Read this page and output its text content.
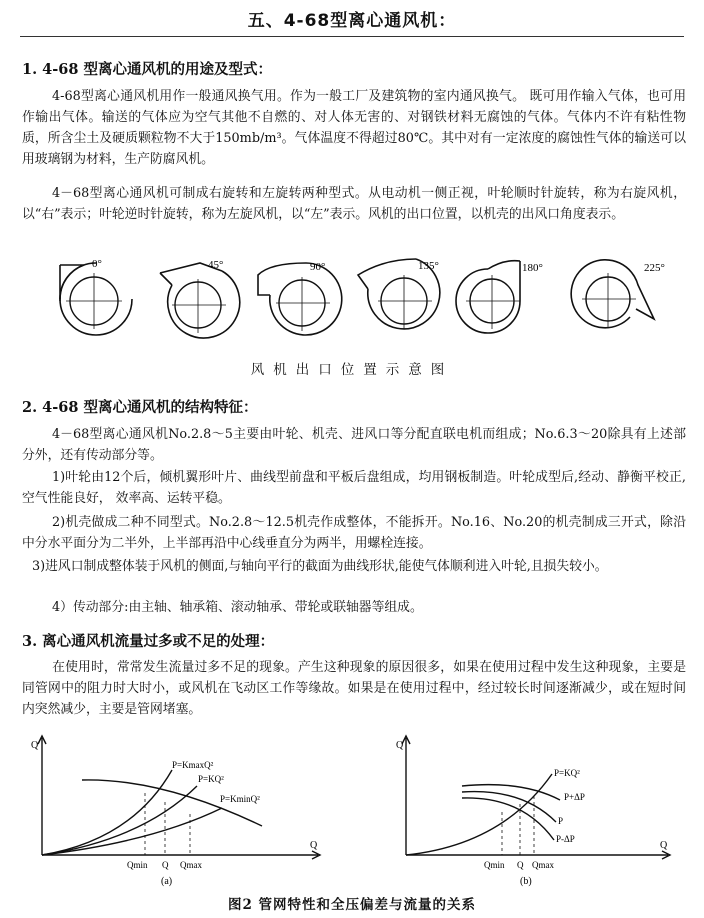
五、4-68型离心通风机：
1. 4-68 型离心通风机的用途及型式：

4-68型离心通风机用作一般通风换气用。作为一般工厂及建筑物的室内通风换气。 既可用作输入气体，也可用作输出气体。输送的气体应为空气其他不自燃的、对人体无害的、对钢铁材料无腐蚀的气体。气体内不许有粘性物质，所含尘土及硬质颗粒物不大于150mb/m³。气体温度不得超过80℃。其中对有一定浓度的腐蚀性气体的输送可以用玻璃钢为材料，生产防腐风机。

4－68型离心通风机可制成右旋转和左旋转两种型式。从电动机一侧正视，叶轮顺时针旋转，称为右旋风机，以“右”表示；叶轮逆时针旋转，称为左旋风机，以“左”表示。风机的出口位置，以机壳的出风口角度表示。

0°	45°	90°	135°	180°	225°
风机出口位置示意图
2. 4-68 型离心通风机的结构特征：

4－68型离心通风机No.2.8～5主要由叶轮、机壳、进风口等分配直联电机而组成；No.6.3～20除具有上述部分外，还有传动部分等。

1)叶轮由12个后，倾机翼形叶片、曲线型前盘和平板后盘组成，均用钢板制造。叶轮成型后,经动、静衡平校正,空气性能良好， 效率高、运转平稳。

2)机壳做成二种不同型式。No.2.8～12.5机壳作成整体，不能拆开。No.16、No.20的机壳制成三开式，除沿中分水平面分为二半外，上半部再沿中心线垂直分为两半，用螺栓连接。

3)进风口制成整体装于风机的侧面,与轴向平行的截面为曲线形状,能使气体顺利进入叶轮,且损失较小。

4）传动部分:由主轴、轴承箱、滚动轴承、带轮或联轴器等组成。

3. 离心通风机流量过多或不足的处理：

在使用时，常常发生流量过多不足的现象。产生这种现象的原因很多，如果在使用过程中发生这种现象，主要是同管网中的阻力时大时小，或风机在飞动区工作等缘故。如果是在使用过程中，经过较长时间逐渐减少，或在短时间内突然减少，主要是管网堵塞。

Q
Q
P=KmaxQ²
P=KQ²
P=KminQ²
Qmin Q Qmax
(a)
Q
Q
P=KQ²
P+ΔP
P
P-ΔP
Qmin Q Qmax
(b)
图2 管网特性和全压偏差与流量的关系
